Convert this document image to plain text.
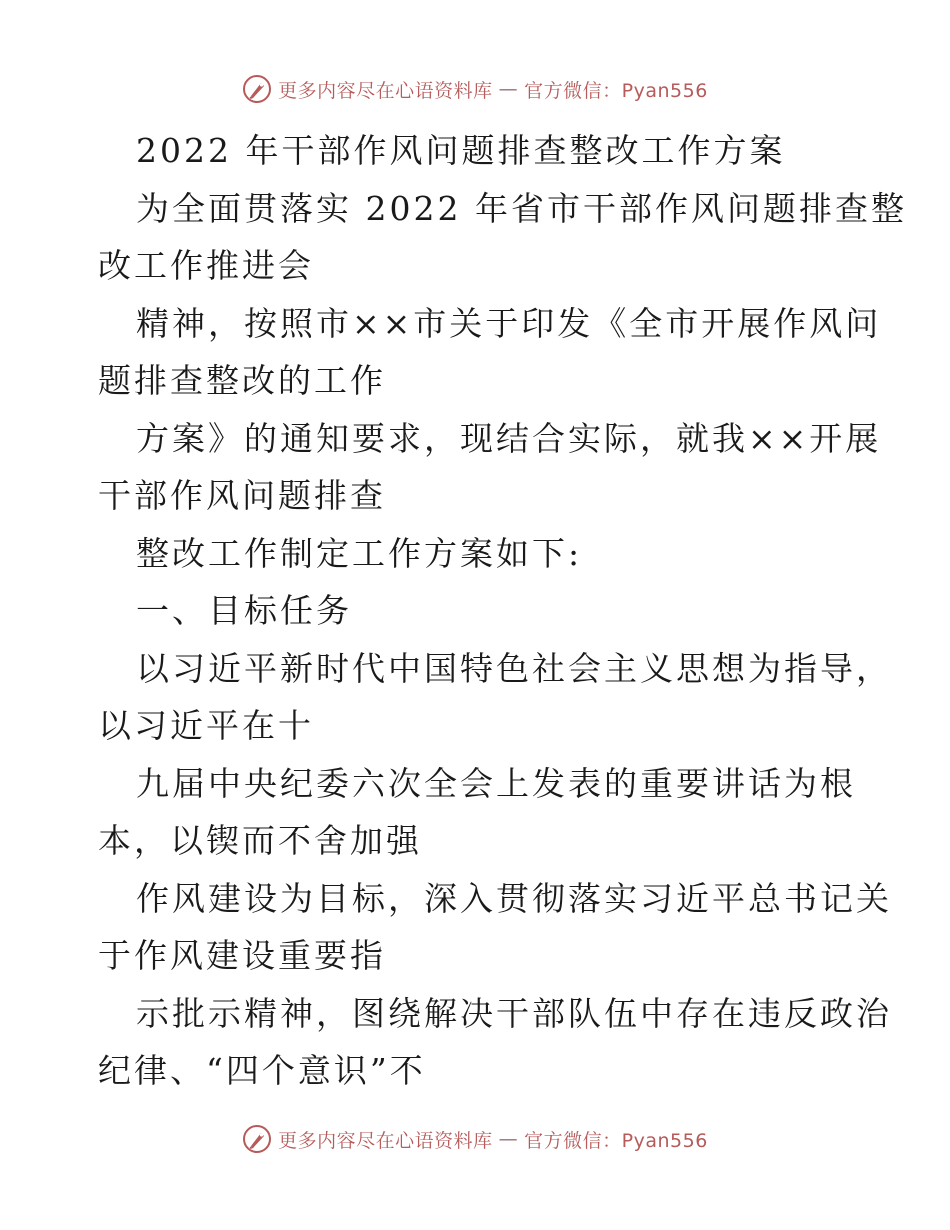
更多内容尽在心语资料库 — 官方微信：Pyan556
2022 年干部作风问题排查整改工作方案
为全面贯落实 2022 年省市干部作风问题排查整
改工作推进会
精神，按照市××市关于印发《全市开展作风问
题排查整改的工作
方案》的通知要求，现结合实际，就我××开展
干部作风问题排查
整改工作制定工作方案如下:
一、目标任务
以习近平新时代中国特色社会主义思想为指导，
以习近平在十
九届中央纪委六次全会上发表的重要讲话为根
本，以锲而不舍加强
作风建设为目标，深入贯彻落实习近平总书记关
于作风建设重要指
示批示精神，图绕解决干部队伍中存在违反政治
纪律、“四个意识”不
更多内容尽在心语资料库 — 官方微信：Pyan556
